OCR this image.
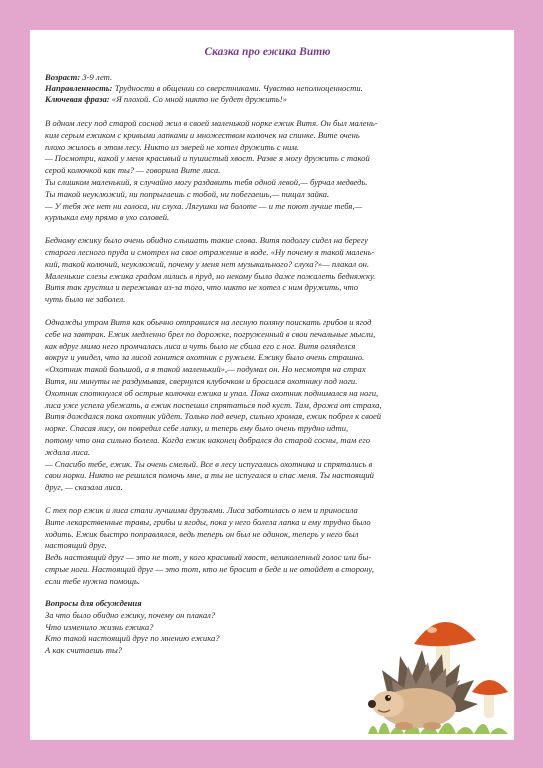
Сказка про ежика Витю
Возраст: 3-9 лет.
Направленность: Трудности в общении со сверстниками. Чувство неполноценности.
Ключевая фраза: «Я плохой. Со мной никто не будет дружить!»
В одном лесу под старой сосной жил в своей маленькой норке ежик Витя. Он был малень-
ким серым ежиком с кривыми лапками и множеством колючек на спинке. Вите очень
плохо жилось в этом лесу. Никто из зверей не хотел дружить с ним.
— Посмотри, какой у меня красивый и пушистый хвост. Разве я могу дружить с такой
серой колючкой как ты? — говорила Вите лиса.
Ты слишком маленький, я случайно могу раздавить тебя одной левой,— бурчал медведь.
Ты такой неуклюжий, ни попрыгаешь с тобой, ни побегаешь,— пищал зайка.
— У тебя же нет ни голоса, ни слуха. Лягушки на болоте — и те поют лучше тебя,—
курлыкал ему прямо в ухо соловей.
Бедному ежику было очень обидно слышать такие слова. Витя подолгу сидел на берегу
старого лесного пруда и смотрел на свое отражение в воде. «Ну почему я такой малень-
кий, такой колючий, неуклюжий, почему у меня нет музыкального? слуха?»— плакал он.
Маленькие слезы ежика градом лились в пруд, но некому было даже пожалеть бедняжку.
Витя так грустил и переживал из-за того, что никто не хотел с ним дружить, что
чуть было не заболел.
Однажды утром Витя как обычно отправился на лесную поляну поискать грибов и ягод
себе на завтрак. Ежик медленно брел по дорожке, погруженный в свои печальные мысли,
как вдруг мимо него промчалась лиса и чуть было не сбила его с ног. Витя огляделся
вокруг и увидел, что за лисой гонится охотник с ружьем. Ежику было очень страшно.
«Охотник такой большой, а я такой маленький»,— подумал он. Но несмотря на страх
Витя, ни минуты не раздумывая, свернулся клубочком и бросился охотнику под ноги.
Охотник споткнулся об острые колючки ежика и упал. Пока охотник поднимался на ноги,
лиса уже успела убежать, а ежик поспешил спрятаться под куст. Там, дрожа от страха,
Витя дождался пока охотник уйдет. Только под вечер, сильно хромая, ежик побрел к своей
норке. Спасая лису, он повредил себе лапку, и теперь ему было очень трудно идти,
потому что она сильно болела. Когда ежик наконец добрался до старой сосны, там его
ждала лиса.
— Спасибо тебе, ежик. Ты очень смелый. Все в лесу испугались охотника и спрятались в
свои норки. Никто не решился помочь мне, а ты не испугался и спас меня. Ты настоящий
друг, — сказала лиса.
С тех пор ежик и лиса стали лучшими друзьями. Лиса заботилась о нем и приносила
Вите лекарственные травы, грибы и ягоды, пока у него болела лапка и ему трудно было
ходить. Ежик быстро поправлялся, ведь теперь он был не одинок, теперь у него был
настоящий друг.
Ведь настоящий друг — это не тот, у кого красивый хвост, великолепный голос или бы-
стрые ноги. Настоящий друг — это тот, кто не бросит в беде и не отойдет в сторону,
если тебе нужна помощь.
Вопросы для обсуждения
За что было обидно ежику, почему он плакал?
Что изменило жизнь ежика?
Кто такой настоящий друг по мнению ежика?
А как считаешь ты?
